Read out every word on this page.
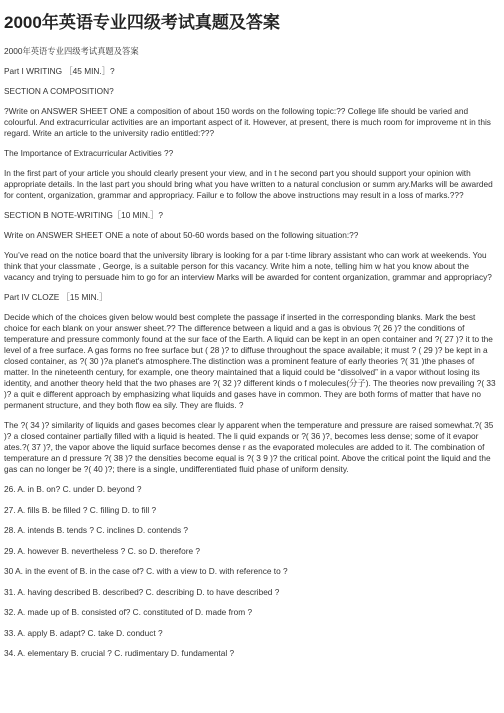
2000年英语专业四级考试真题及答案

2000年英语专业四级考试真题及答案

Part I WRITING ［45 MIN.］?

SECTION A COMPOSITION?

?Write on ANSWER SHEET ONE a composition of about 150 words on the following topic:?? College life should be varied and colourful. And extracurricular activities are an important aspect of it. However, at present, there is much room for improveme nt in this regard. Write an article to the university radio entitled:???

The Importance of Extracurricular Activities ??

In the first part of your article you should clearly present your view, and in t he second part you should support your opinion with appropriate details. In the last part you should bring what you have written to a natural conclusion or summ ary.Marks will be awarded for content, organization, grammar and appropriacy. Failur e to follow the above instructions may result in a loss of marks.???

SECTION B NOTE-WRITING［10 MIN.］?

Write on ANSWER SHEET ONE a note of about 50-60 words based on the following situation:??

You’ve read on the notice board that the university library is looking for a par t-time library assistant who can work at weekends. You think that your classmate , George, is a suitable person for this vacancy. Write him a note, telling him w hat you know about the vacancy and trying to persuade him to go for an interview Marks will be awarded for content organization, grammar and appropriacy?

Part IV CLOZE ［15 MIN.］

Decide which of the choices given below would best complete the passage if inserted in the corresponding blanks. Mark the best choice for each blank on your answer sheet.?? The difference between a liquid and a gas is obvious ?( 26 )? the conditions of temperature and pressure commonly found at the sur face of the Earth. A liquid can be kept in an open container and ?( 27 )? it to the level of a free surface. A gas forms no free surface but ( 28 )? to diffuse throughout the space available; it must ? ( 29 )? be kept in a closed container, as ?( 30 )?a planet's atmosphere.The distinction was a prominent feature of early theories ?( 31 )the phases of matter. In the nineteenth century, for example, one theory maintained that a liquid could be “dissolved” in a vapor without losing its identity, and another theory held that the two phases are ?( 32 )? different kinds o f molecules(分子). The theories now prevailing ?( 33 )? a quit e different approach by emphasizing what liquids and gases have in common. They are both forms of matter that have no permanent structure, and they both flow ea sily. They are fluids. ?

The ?( 34 )? similarity of liquids and gases becomes clear ly apparent when the temperature and pressure are raised somewhat.?( 35 )? a closed container partially filled with a liquid is heated. The li quid expands or ?( 36 )?, becomes less dense; some of it evapor ates.?( 37 )?, the vapor above the liquid surface becomes dense r as the evaporated molecules are added to it. The combination of temperature an d pressure ?( 38 )? the densities become equal is ?( 3 9 )? the critical point. Above the critical point the liquid and the gas can no longer be ?( 40 )?; there is a single, undifferentiated fluid phase of uniform density.

26. A. in B. on? C. under D. beyond ?

27. A. fills B. be filled ? C. filling D. to fill ?

28. A. intends B. tends ? C. inclines D. contends ?

29. A. however B. nevertheless ? C. so D. therefore ?

30 A. in the event of B. in the case of? C. with a view to D. with reference to ?

31. A. having described B. described? C. describing D. to have described ?

32. A. made up of B. consisted of? C. constituted of D. made from ?

33. A. apply B. adapt? C. take D. conduct ?

34. A. elementary B. crucial ? C. rudimentary D. fundamental ?
